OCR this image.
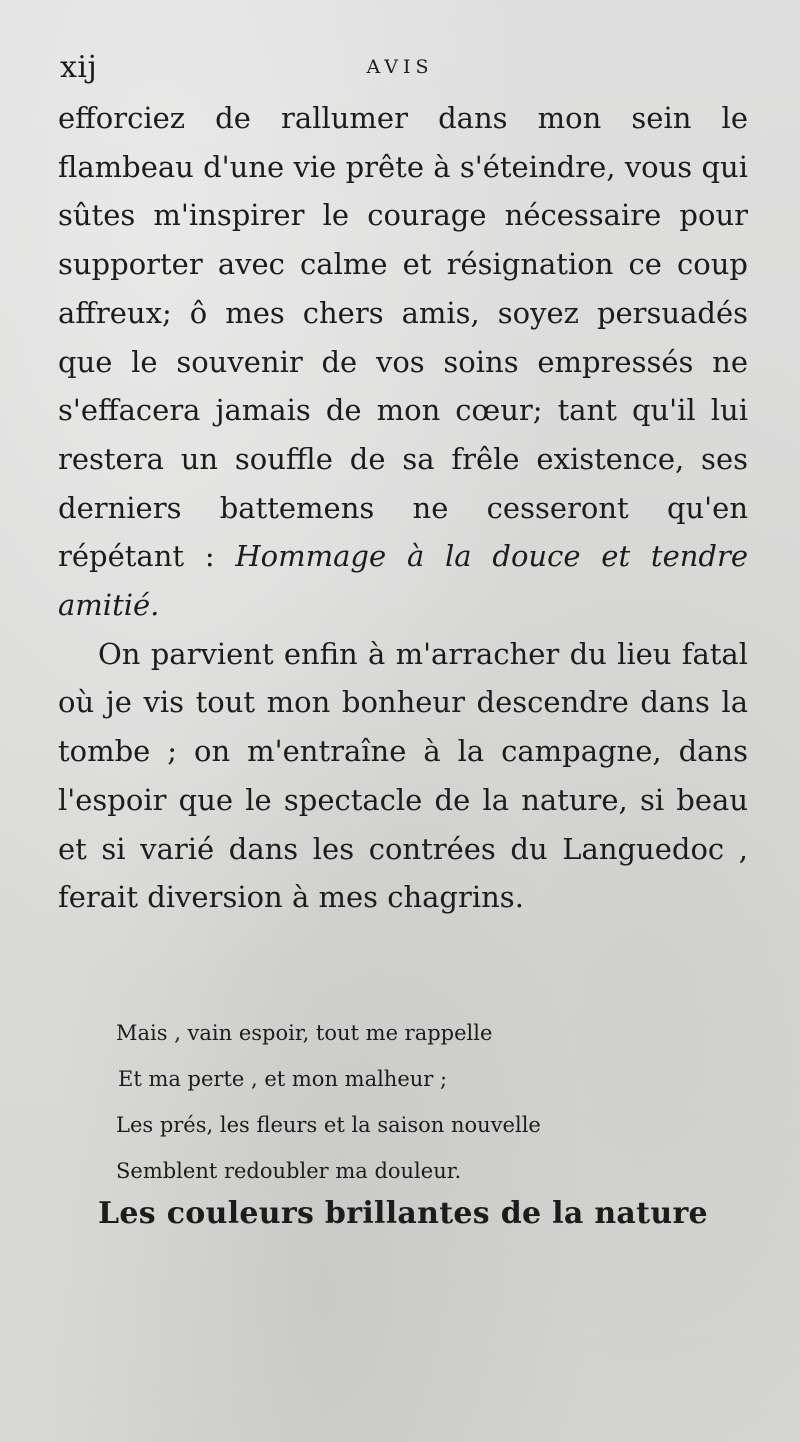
xij	AVIS

efforciez de rallumer dans mon sein le flambeau d'une vie prête à s'éteindre, vous qui sûtes m'inspirer le courage nécessaire pour supporter avec calme et résignation ce coup affreux; ô mes chers amis, soyez persuadés que le souvenir de vos soins empressés ne s'effacera jamais de mon cœur; tant qu'il lui restera un souffle de sa frêle existence, ses derniers battemens ne cesseront qu'en répétant : Hommage à la douce et tendre amitié.

On parvient enfin à m'arracher du lieu fatal où je vis tout mon bonheur descendre dans la tombe ; on m'entraîne à la campagne, dans l'espoir que le spectacle de la nature, si beau et si varié dans les contrées du Languedoc , ferait diversion à mes chagrins.

Mais , vain espoir, tout me rappelle
Et ma perte , et mon malheur ;
Les prés, les fleurs et la saison nouvelle
Semblent redoubler ma douleur.
Les couleurs brillantes de la nature
